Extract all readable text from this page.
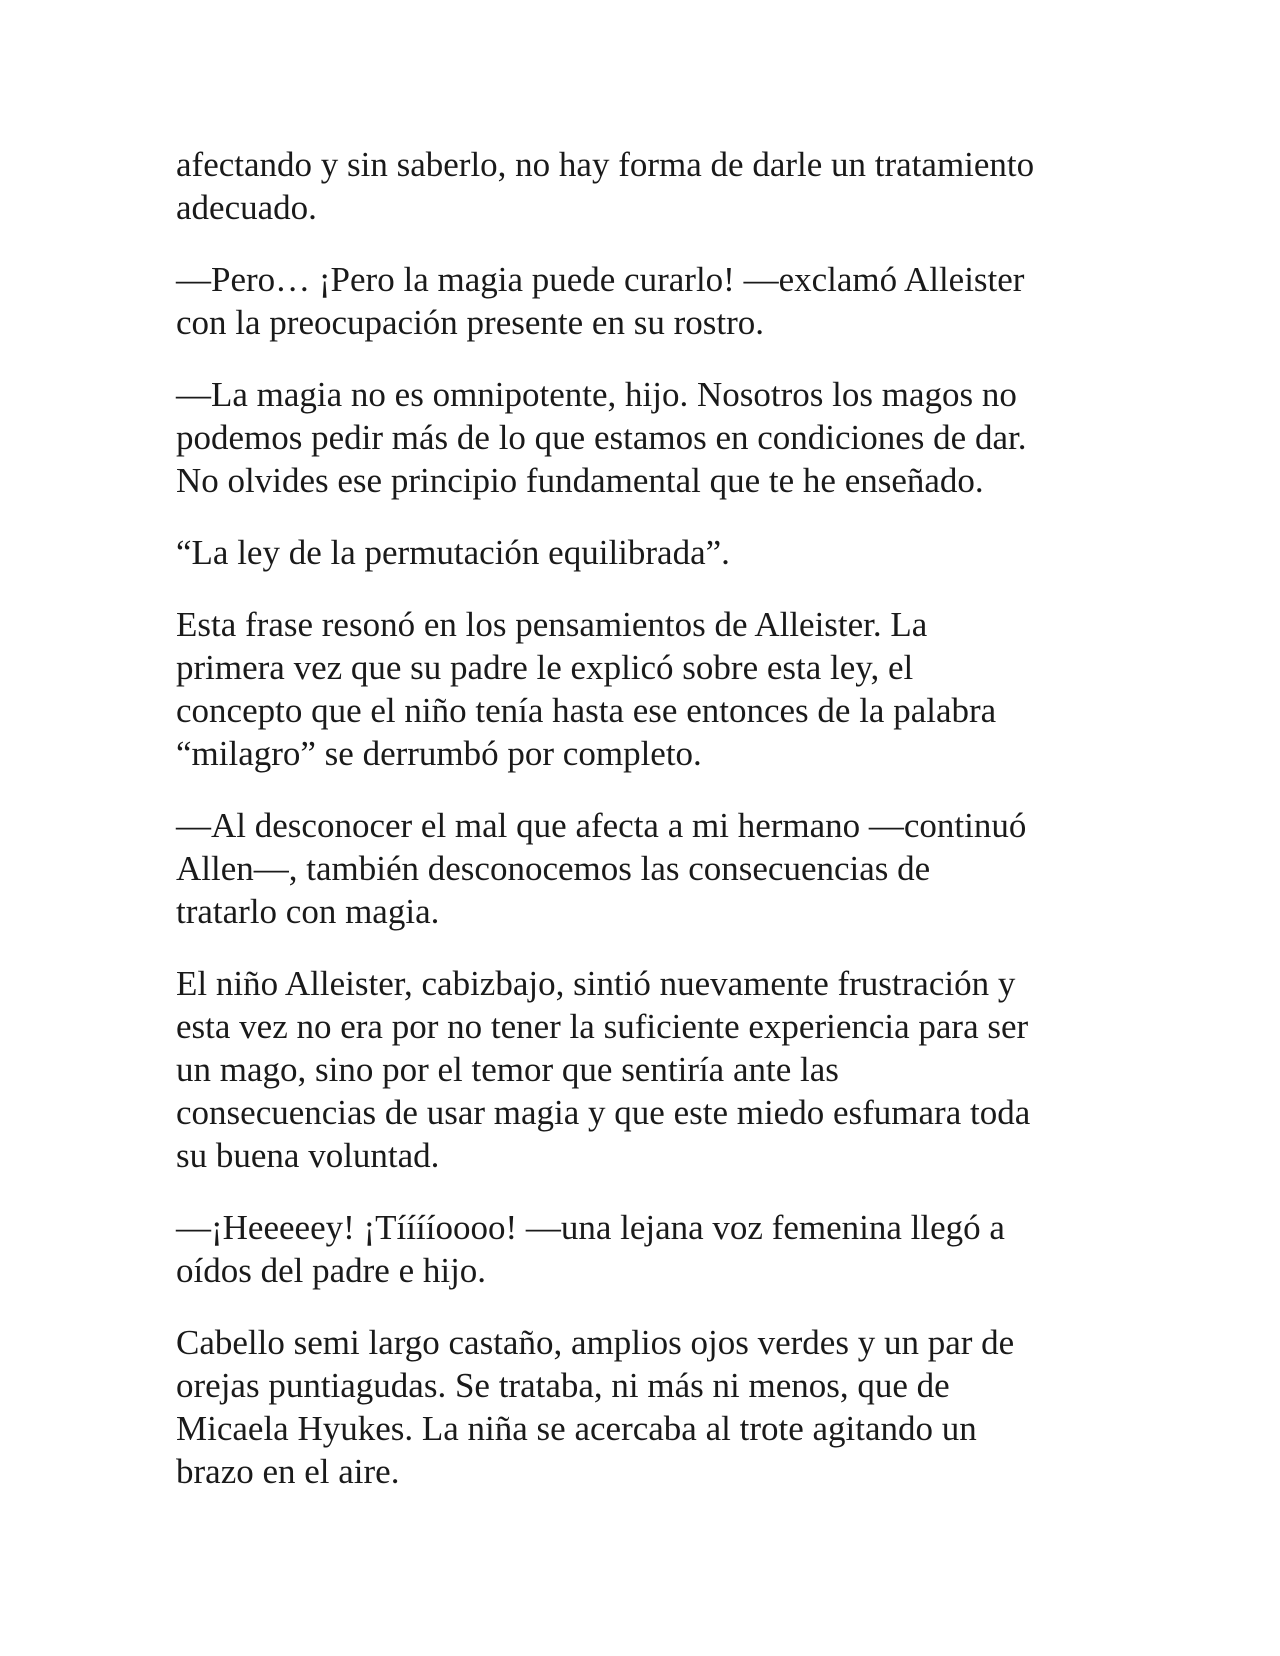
afectando y sin saberlo, no hay forma de darle un tratamiento
adecuado.

—Pero… ¡Pero la magia puede curarlo! —exclamó Alleister
con la preocupación presente en su rostro.

—La magia no es omnipotente, hijo. Nosotros los magos no
podemos pedir más de lo que estamos en condiciones de dar.
No olvides ese principio fundamental que te he enseñado.

“La ley de la permutación equilibrada”.

Esta frase resonó en los pensamientos de Alleister. La
primera vez que su padre le explicó sobre esta ley, el
concepto que el niño tenía hasta ese entonces de la palabra
“milagro” se derrumbó por completo.

—Al desconocer el mal que afecta a mi hermano —continuó
Allen—, también desconocemos las consecuencias de
tratarlo con magia.

El niño Alleister, cabizbajo, sintió nuevamente frustración y
esta vez no era por no tener la suficiente experiencia para ser
un mago, sino por el temor que sentiría ante las
consecuencias de usar magia y que este miedo esfumara toda
su buena voluntad.

—¡Heeeeey! ¡Tííííoooo! —una lejana voz femenina llegó a
oídos del padre e hijo.

Cabello semi largo castaño, amplios ojos verdes y un par de
orejas puntiagudas. Se trataba, ni más ni menos, que de
Micaela Hyukes. La niña se acercaba al trote agitando un
brazo en el aire.
